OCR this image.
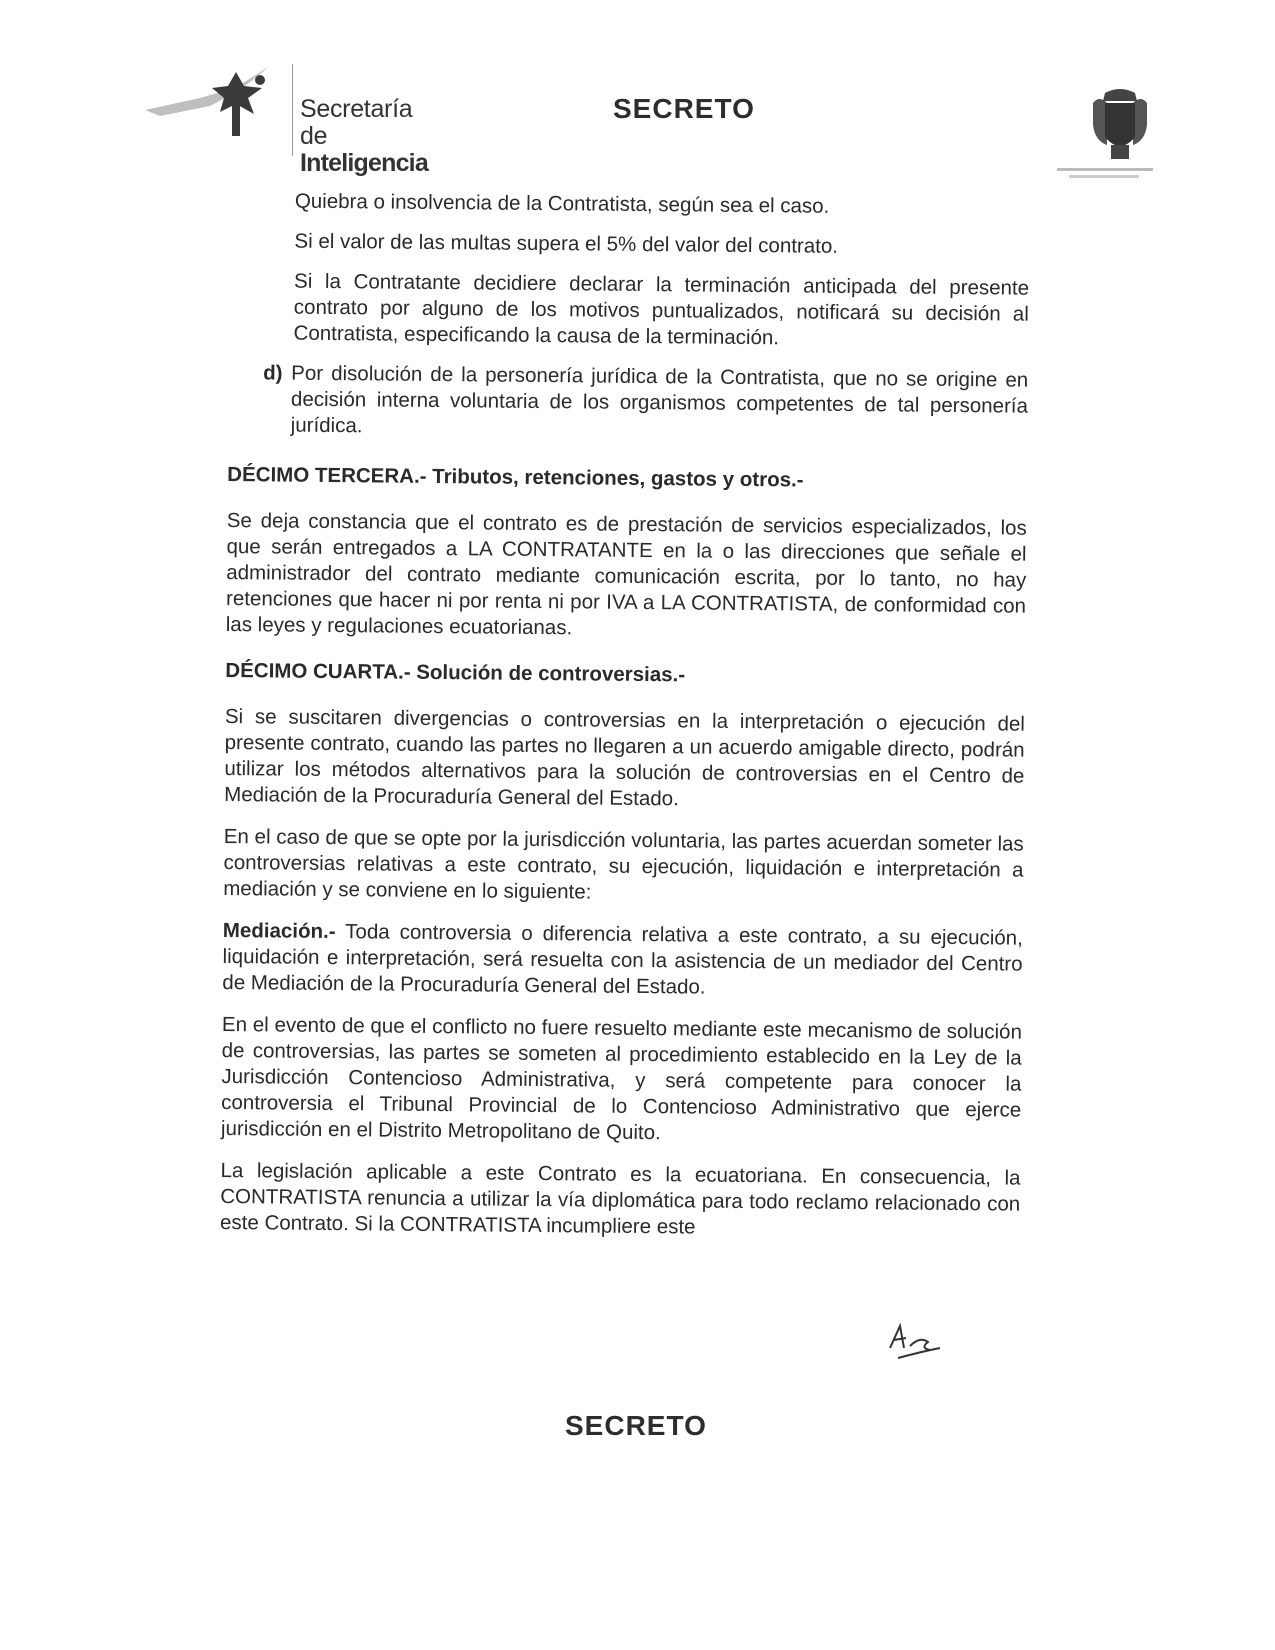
Secretaría de
Inteligencia
SECRETO

Quiebra o insolvencia de la Contratista, según sea el caso.

Si el valor de las multas supera el 5% del valor del contrato.

Si la Contratante decidiere declarar la terminación anticipada del presente contrato por alguno de los motivos puntualizados, notificará su decisión al Contratista, especificando la causa de la terminación.

d) Por disolución de la personería jurídica de la Contratista, que no se origine en decisión interna voluntaria de los organismos competentes de tal personería jurídica.
DÉCIMO TERCERA.- Tributos, retenciones, gastos y otros.-

Se deja constancia que el contrato es de prestación de servicios especializados, los que serán entregados a LA CONTRATANTE en la o las direcciones que señale el administrador del contrato mediante comunicación escrita, por lo tanto, no hay retenciones que hacer ni por renta ni por IVA a LA CONTRATISTA, de conformidad con las leyes y regulaciones ecuatorianas.

DÉCIMO CUARTA.- Solución de controversias.-

Si se suscitaren divergencias o controversias en la interpretación o ejecución del presente contrato, cuando las partes no llegaren a un acuerdo amigable directo, podrán utilizar los métodos alternativos para la solución de controversias en el Centro de Mediación de la Procuraduría General del Estado.

En el caso de que se opte por la jurisdicción voluntaria, las partes acuerdan someter las controversias relativas a este contrato, su ejecución, liquidación e interpretación a mediación y se conviene en lo siguiente:

Mediación.- Toda controversia o diferencia relativa a este contrato, a su ejecución, liquidación e interpretación, será resuelta con la asistencia de un mediador del Centro de Mediación de la Procuraduría General del Estado.

En el evento de que el conflicto no fuere resuelto mediante este mecanismo de solución de controversias, las partes se someten al procedimiento establecido en la Ley de la Jurisdicción Contencioso Administrativa, y será competente para conocer la controversia el Tribunal Provincial de lo Contencioso Administrativo que ejerce jurisdicción en el Distrito Metropolitano de Quito.

La legislación aplicable a este Contrato es la ecuatoriana. En consecuencia, la CONTRATISTA renuncia a utilizar la vía diplomática para todo reclamo relacionado con este Contrato. Si la CONTRATISTA incumpliere este

SECRETO
